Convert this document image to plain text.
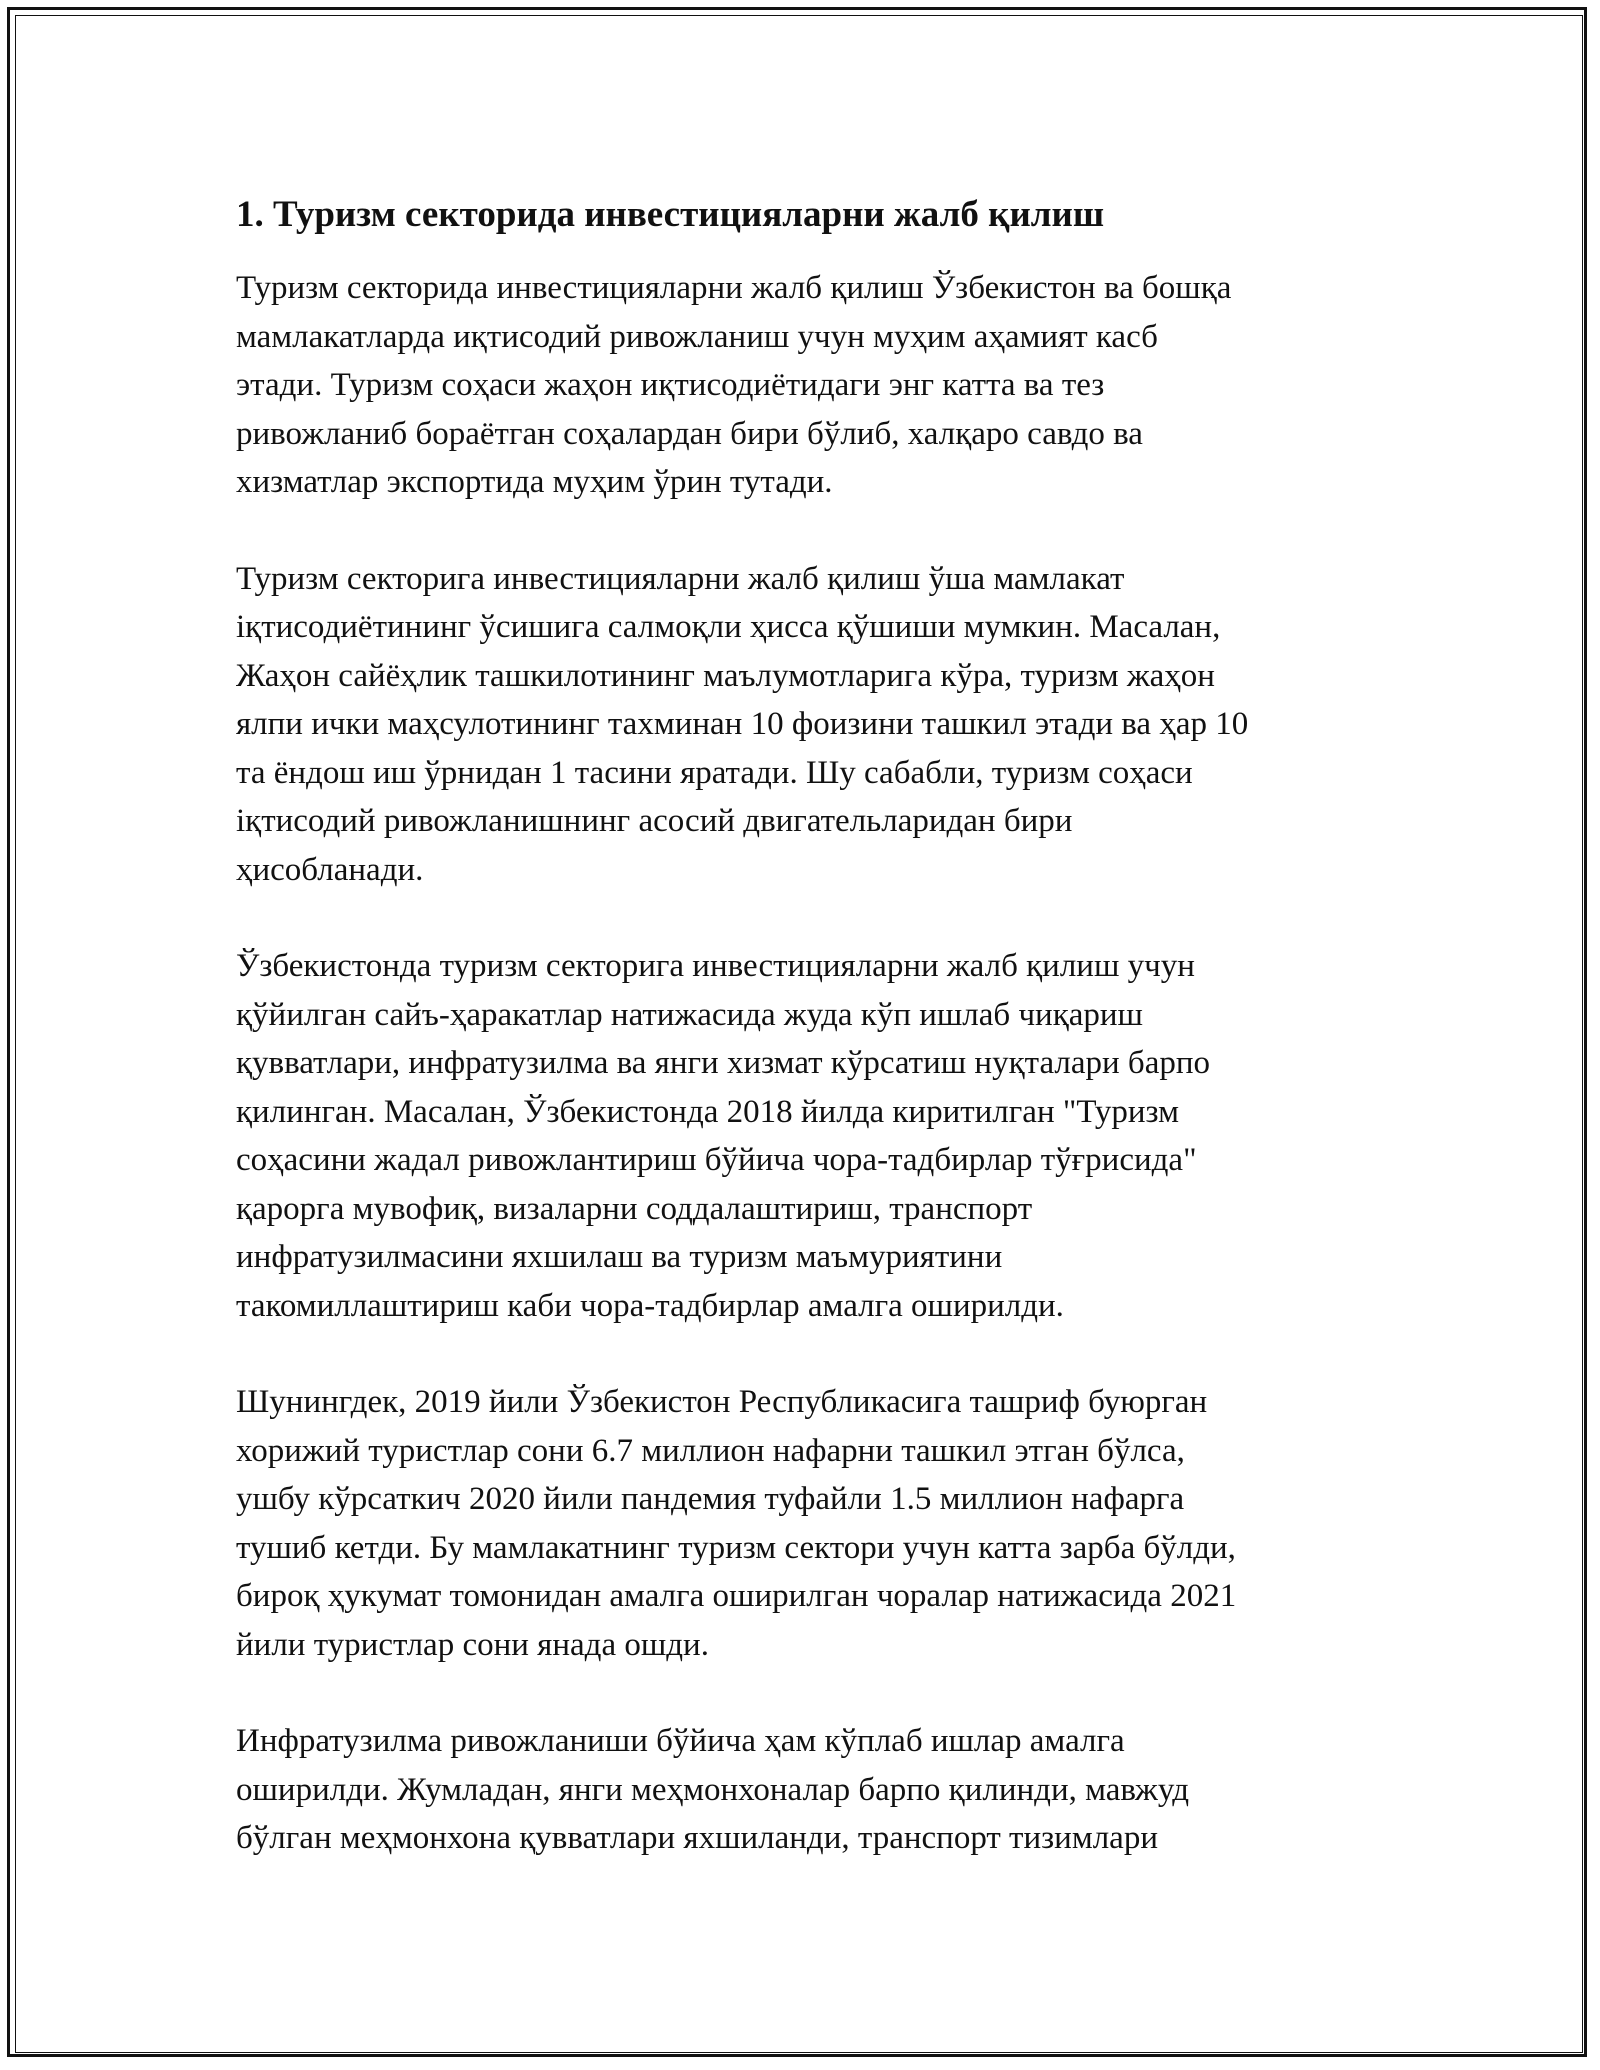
1. Туризм секторида инвестицияларни жалб қилиш

Туризм секторида инвестицияларни жалб қилиш Ўзбекистон ва бошқа
мамлакатларда иқтисодий ривожланиш учун муҳим аҳамият касб
этади. Туризм соҳаси жаҳон иқтисодиётидаги энг катта ва тез
ривожланиб бораётган соҳалардан бири бўлиб, халқаро савдо ва
хизматлар экспортида муҳим ўрин тутади.

Туризм секторига инвестицияларни жалб қилиш ўша мамлакат
iқтисодиётининг ўсишига салмоқли ҳисса қўшиши мумкин. Масалан,
Жаҳон сайёҳлик ташкилотининг маълумотларига кўра, туризм жаҳон
ялпи ички маҳсулотининг тахминан 10 фоизини ташкил этади ва ҳар 10
та ёндош иш ўрнидан 1 тасини яратади. Шу сабабли, туризм соҳаси
iқтисодий ривожланишнинг асосий двигательларидан бири
ҳисобланади.

Ўзбекистонда туризм секторига инвестицияларни жалб қилиш учун
қўйилган сайъ-ҳаракатлар натижасида жуда кўп ишлаб чиқариш
қувватлари, инфратузилма ва янги хизмат кўрсатиш нуқталари барпо
қилинган. Масалан, Ўзбекистонда 2018 йилда киритилган "Туризм
соҳасини жадал ривожлантириш бўйича чора-тадбирлар тўғрисида"
қарорга мувофиқ, визаларни соддалаштириш, транспорт
инфратузилмасини яхшилаш ва туризм маъмуриятини
такомиллаштириш каби чора-тадбирлар амалга оширилди.

Шунингдек, 2019 йили Ўзбекистон Республикасига ташриф буюрган
хорижий туристлар сони 6.7 миллион нафарни ташкил этган бўлса,
ушбу кўрсаткич 2020 йили пандемия туфайли 1.5 миллион нафарга
тушиб кетди. Бу мамлакатнинг туризм сектори учун катта зарба бўлди,
бироқ ҳукумат томонидан амалга оширилган чоралар натижасида 2021
йили туристлар сони янада ошди.

Инфратузилма ривожланиши бўйича ҳам кўплаб ишлар амалга
оширилди. Жумладан, янги меҳмонхоналар барпо қилинди, мавжуд
бўлган меҳмонхона қувватлари яхшиланди, транспорт тизимлари
